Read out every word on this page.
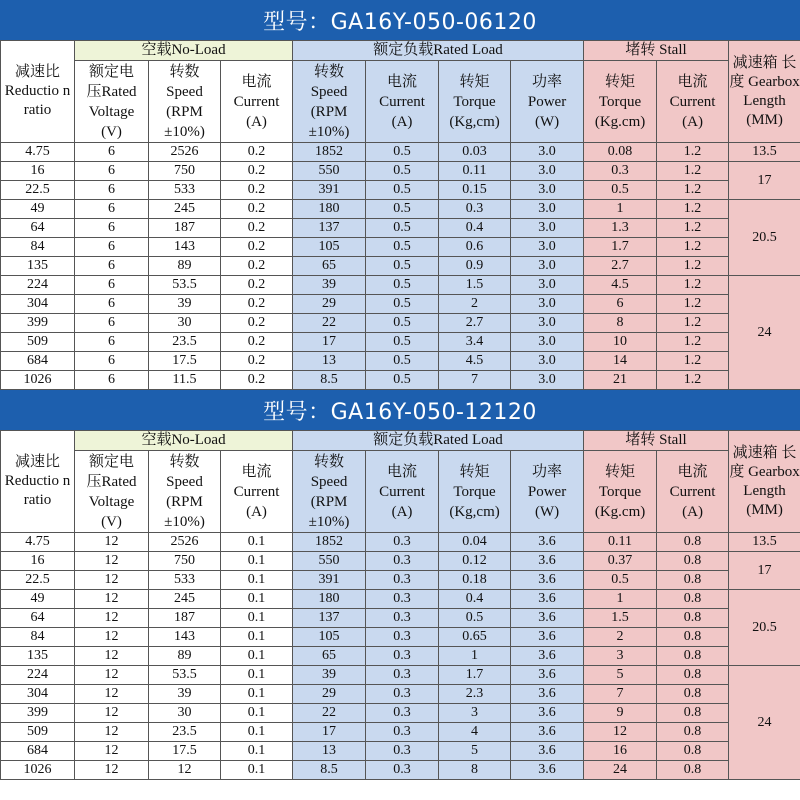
型号：GA16Y-050-06120
减速比 Reductio n ratio	空载No-Load			额定负载Rated Load				堵转 Stall		减速箱 长度 Gearbox Length (MM)
	额定电
压Rated
Voltage
(V)	转数
Speed
(RPM
±10%)	电流
Current
(A)	转数
Speed
(RPM
±10%)	电流
Current
(A)	转矩
Torque
(Kg,cm)	功率
Power
(W)	转矩
Torque
(Kg.cm)	电流
Current
(A)	
4.75	6	2526	0.2	1852	0.5	0.03	3.0	0.08	1.2	13.5
16	6	750	0.2	550	0.5	0.11	3.0	0.3	1.2	17
22.5	6	533	0.2	391	0.5	0.15	3.0	0.5	1.2	
49	6	245	0.2	180	0.5	0.3	3.0	1	1.2	20.5
64	6	187	0.2	137	0.5	0.4	3.0	1.3	1.2	
84	6	143	0.2	105	0.5	0.6	3.0	1.7	1.2	
135	6	89	0.2	65	0.5	0.9	3.0	2.7	1.2	
224	6	53.5	0.2	39	0.5	1.5	3.0	4.5	1.2	24
304	6	39	0.2	29	0.5	2	3.0	6	1.2	
399	6	30	0.2	22	0.5	2.7	3.0	8	1.2	
509	6	23.5	0.2	17	0.5	3.4	3.0	10	1.2	
684	6	17.5	0.2	13	0.5	4.5	3.0	14	1.2	
1026	6	11.5	0.2	8.5	0.5	7	3.0	21	1.2	
型号：GA16Y-050-12120
减速比 Reductio n ratio	空载No-Load			额定负载Rated Load				堵转 Stall		减速箱 长度 Gearbox Length (MM)
	额定电
压Rated
Voltage
(V)	转数
Speed
(RPM
±10%)	电流
Current
(A)	转数
Speed
(RPM
±10%)	电流
Current
(A)	转矩
Torque
(Kg,cm)	功率
Power
(W)	转矩
Torque
(Kg.cm)	电流
Current
(A)	
4.75	12	2526	0.1	1852	0.3	0.04	3.6	0.11	0.8	13.5
16	12	750	0.1	550	0.3	0.12	3.6	0.37	0.8	17
22.5	12	533	0.1	391	0.3	0.18	3.6	0.5	0.8	
49	12	245	0.1	180	0.3	0.4	3.6	1	0.8	20.5
64	12	187	0.1	137	0.3	0.5	3.6	1.5	0.8	
84	12	143	0.1	105	0.3	0.65	3.6	2	0.8	
135	12	89	0.1	65	0.3	1	3.6	3	0.8	
224	12	53.5	0.1	39	0.3	1.7	3.6	5	0.8	24
304	12	39	0.1	29	0.3	2.3	3.6	7	0.8	
399	12	30	0.1	22	0.3	3	3.6	9	0.8	
509	12	23.5	0.1	17	0.3	4	3.6	12	0.8	
684	12	17.5	0.1	13	0.3	5	3.6	16	0.8	
1026	12	12	0.1	8.5	0.3	8	3.6	24	0.8	
